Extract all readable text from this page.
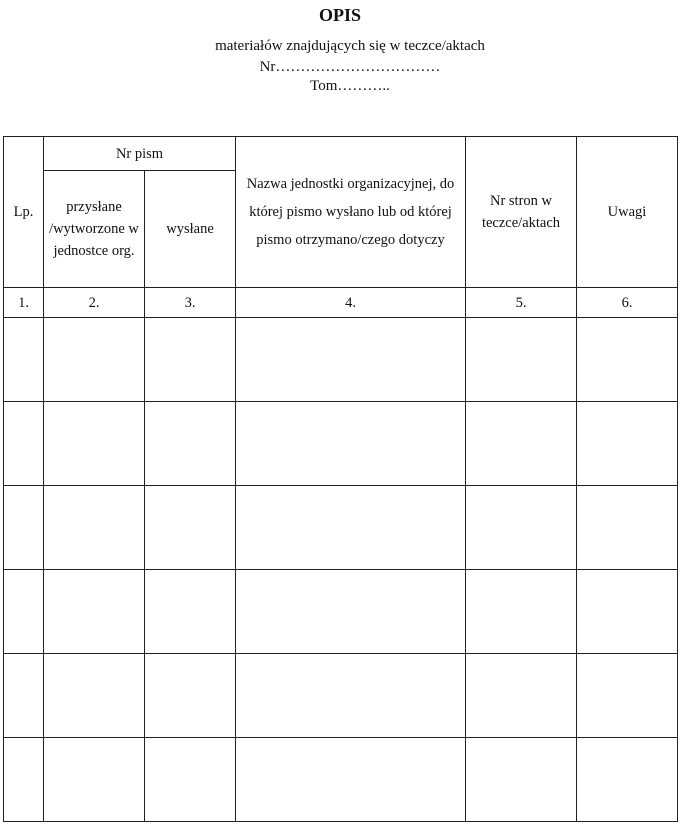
OPIS
materiałów znajdujących się w teczce/aktach
Nr……………………………
Tom………..
Lp.	Nr pism		Nazwa jednostki organizacyjnej, do której pismo wysłano lub od której pismo otrzymano/czego dotyczy	Nr stron w teczce/aktach	Uwagi

	przysłane /wytworzone w jednostce org.	wysłane			
1.	2.	3.	4.	5.	6.
